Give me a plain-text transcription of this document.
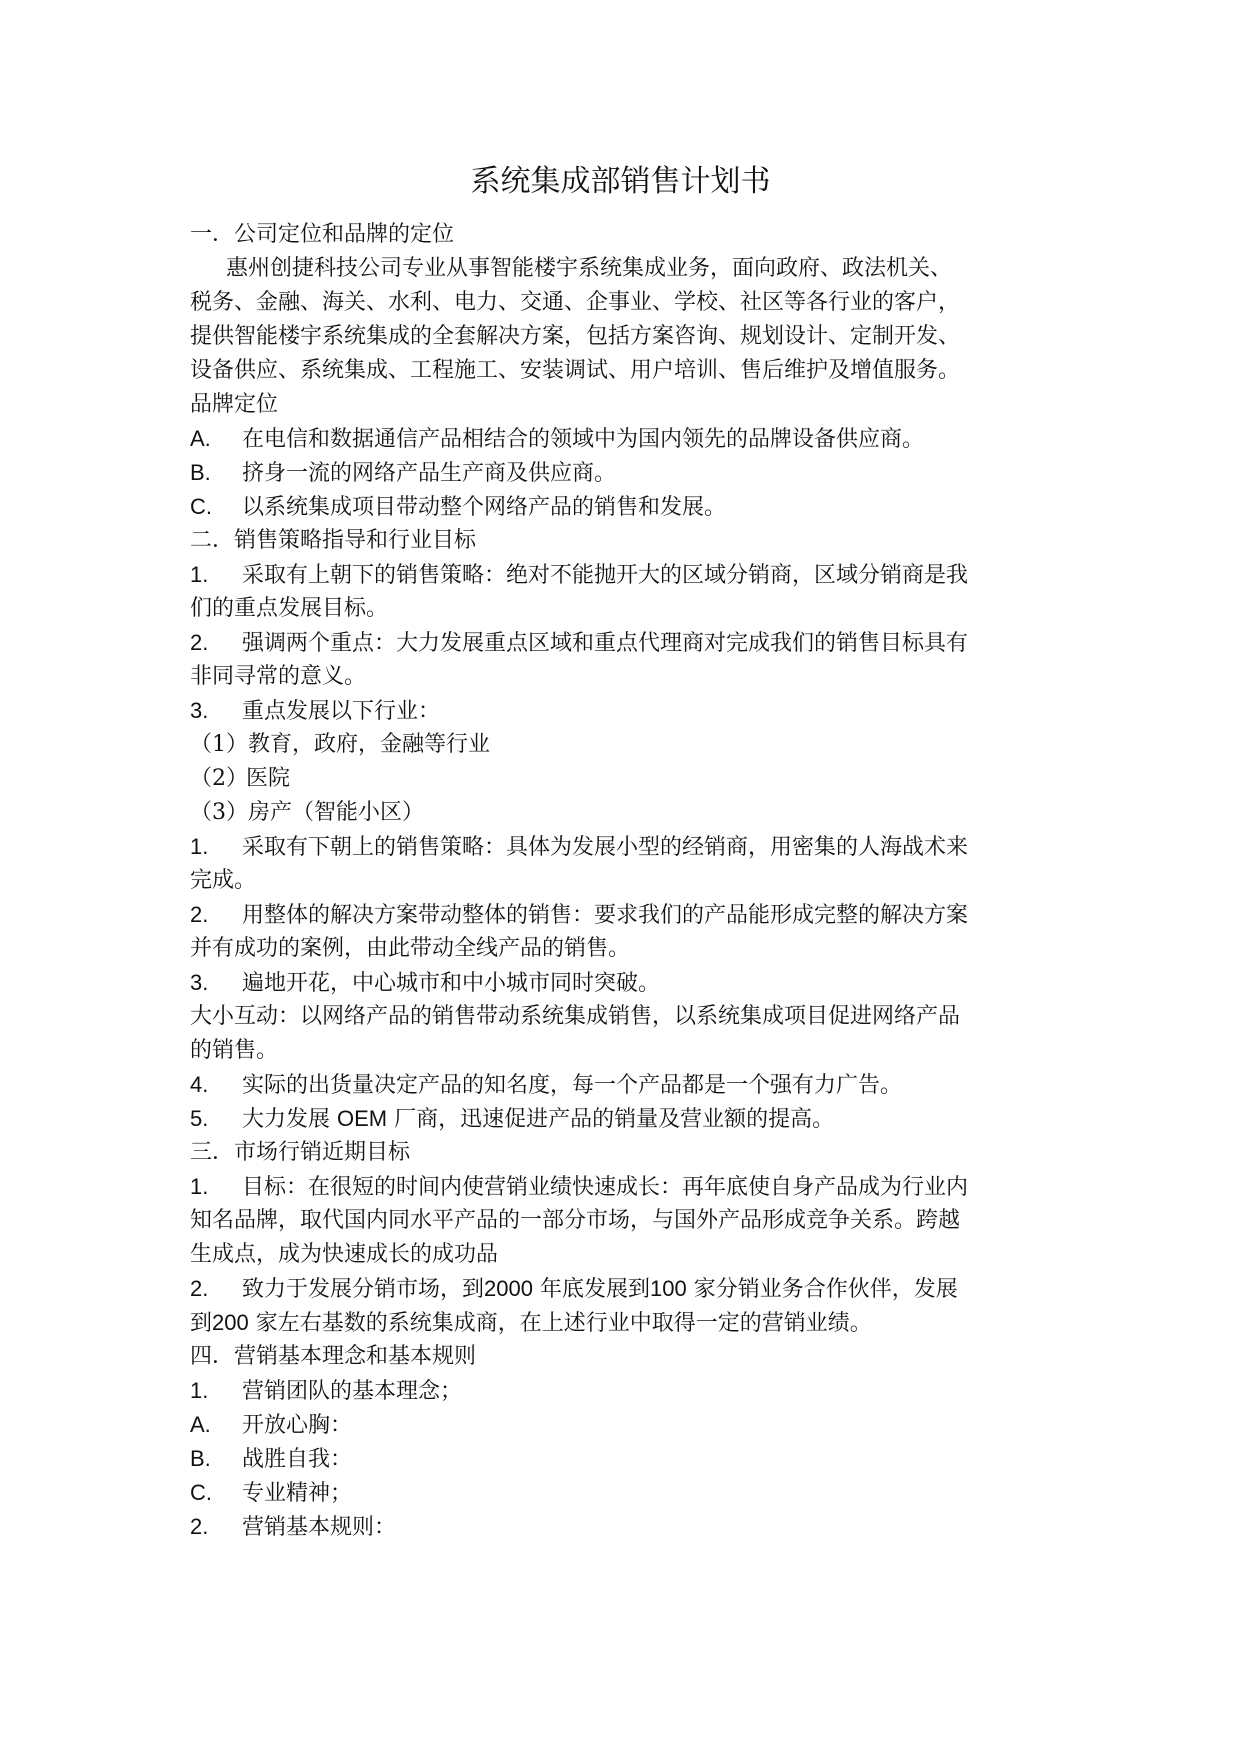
系统集成部销售计划书
一．公司定位和品牌的定位
惠州创捷科技公司专业从事智能楼宇系统集成业务，面向政府、政法机关、
税务、金融、海关、水利、电力、交通、企事业、学校、社区等各行业的客户，
提供智能楼宇系统集成的全套解决方案，包括方案咨询、规划设计、定制开发、
设备供应、系统集成、工程施工、安装调试、用户培训、售后维护及增值服务。
品牌定位
A. 在电信和数据通信产品相结合的领域中为国内领先的品牌设备供应商。
B. 挤身一流的网络产品生产商及供应商。
C. 以系统集成项目带动整个网络产品的销售和发展。
二．销售策略指导和行业目标
1. 采取有上朝下的销售策略：绝对不能抛开大的区域分销商，区域分销商是我
们的重点发展目标。
2. 强调两个重点：大力发展重点区域和重点代理商对完成我们的销售目标具有
非同寻常的意义。
3. 重点发展以下行业：
（1）教育，政府，金融等行业
（2）医院
（3）房产（智能小区）
1. 采取有下朝上的销售策略：具体为发展小型的经销商，用密集的人海战术来
完成。
2. 用整体的解决方案带动整体的销售：要求我们的产品能形成完整的解决方案
并有成功的案例，由此带动全线产品的销售。
3. 遍地开花，中心城市和中小城市同时突破。
大小互动：以网络产品的销售带动系统集成销售，以系统集成项目促进网络产品
的销售。
4. 实际的出货量决定产品的知名度，每一个产品都是一个强有力广告。
5. 大力发展 OEM 厂商，迅速促进产品的销量及营业额的提高。
三．市场行销近期目标
1. 目标：在很短的时间内使营销业绩快速成长：再年底使自身产品成为行业内
知名品牌，取代国内同水平产品的一部分市场，与国外产品形成竞争关系。跨越
生成点，成为快速成长的成功品
2. 致力于发展分销市场，到2000 年底发展到100 家分销业务合作伙伴，发展
到200 家左右基数的系统集成商，在上述行业中取得一定的营销业绩。
四．营销基本理念和基本规则
1. 营销团队的基本理念；
A. 开放心胸：
B. 战胜自我：
C. 专业精神；
2. 营销基本规则：
